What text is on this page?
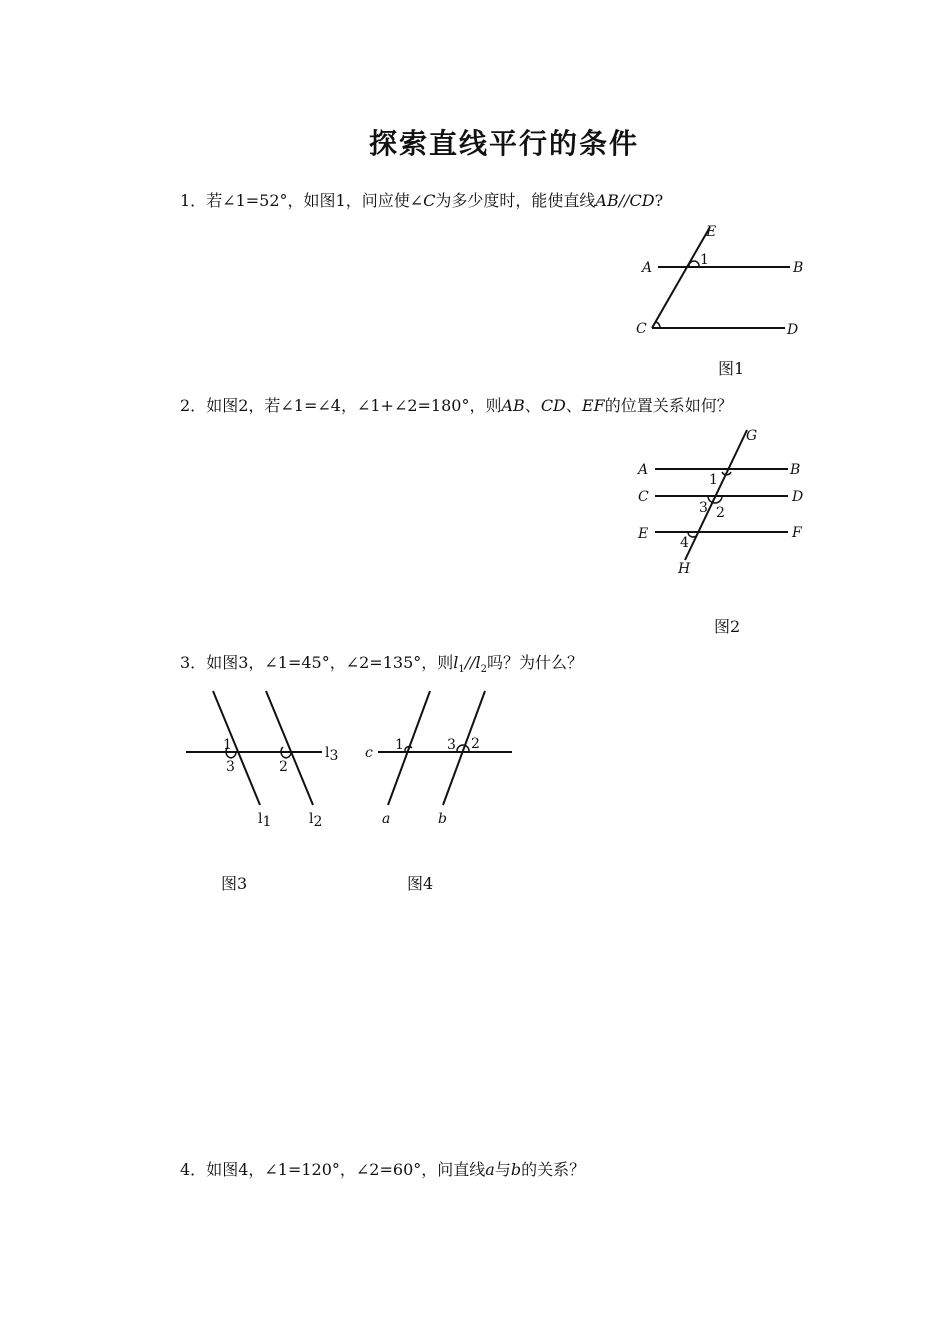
探索直线平行的条件
1．若∠1=52°，如图1，问应使∠C为多少度时，能使直线AB//CD?
E
A	B
C	D
1
图1
2．如图2，若∠1=∠4，∠1+∠2=180°，则AB、CD、EF的位置关系如何？
G
A	B
C	D
E	F
H
1
2
3
4
图2
3．如图3，∠1=45°，∠2=135°，则$l_1//l_2$吗？为什么？
1
3	2
l3
l1	l2
图3
c 1	3 2
a	b
图4
4．如图4，∠1=120°，∠2=60°，问直线a与b的关系？
